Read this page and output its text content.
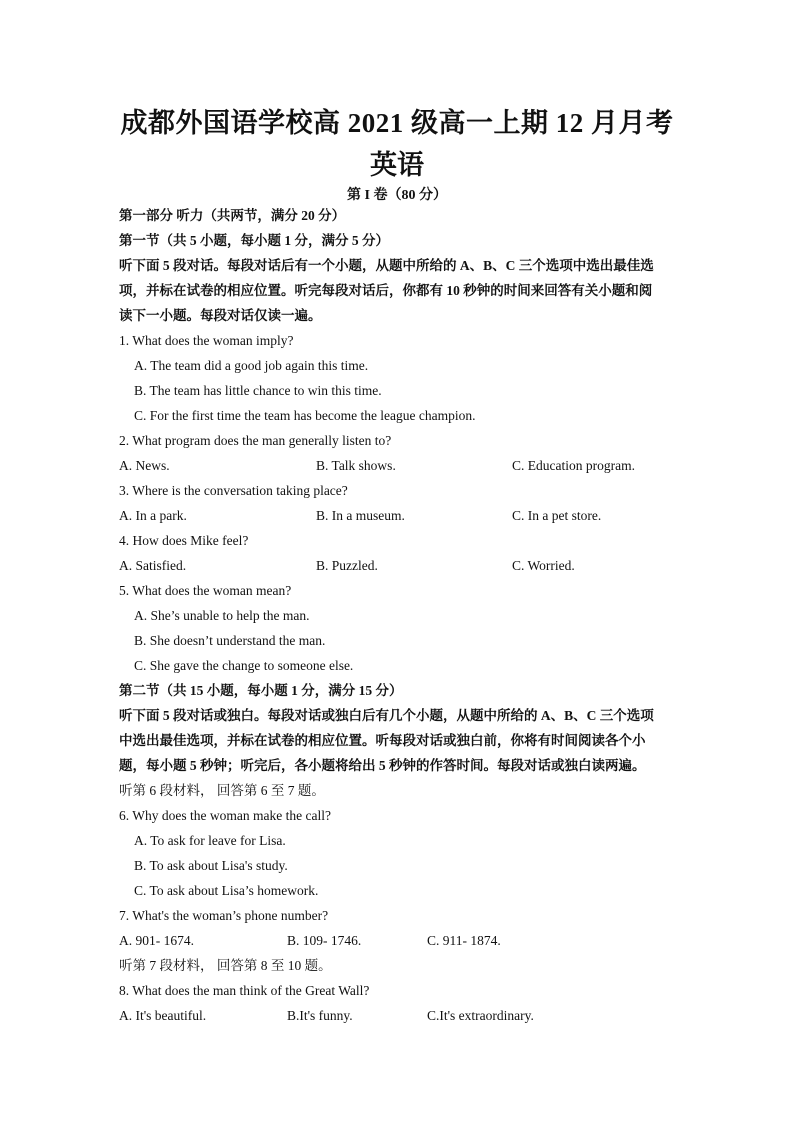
成都外国语学校高 2021 级高一上期 12 月月考
英语
第 I 卷（80 分）
第一部分 听力（共两节，满分 20 分）
第一节（共 5 小题，每小题 1 分，满分 5 分）
听下面 5 段对话。每段对话后有一个小题，从题中所给的 A、B、C 三个选项中选出最佳选
项，并标在试卷的相应位置。听完每段对话后，你都有 10 秒钟的时间来回答有关小题和阅
读下一小题。每段对话仅读一遍。
1. What does the woman imply?
A. The team did a good job again this time.
B. The team has little chance to win this time.
C. For the first time the team has become the league champion.
2. What program does the man generally listen to?
A. News.	B. Talk shows.	C. Education program.
3. Where is the conversation taking place?
A. In a park.	B. In a museum.	C. In a pet store.
4. How does Mike feel?
A. Satisfied.	B. Puzzled.	C. Worried.
5. What does the woman mean?
A. She’s unable to help the man.
B. She doesn’t understand the man.
C. She gave the change to someone else.
第二节（共 15 小题，每小题 1 分，满分 15 分）
听下面 5 段对话或独白。每段对话或独白后有几个小题，从题中所给的 A、B、C 三个选项
中选出最佳选项，并标在试卷的相应位置。听每段对话或独白前，你将有时间阅读各个小
题，每小题 5 秒钟；听完后，各小题将给出 5 秒钟的作答时间。每段对话或独白读两遍。
听第 6 段材料， 回答第 6 至 7 题。
6. Why does the woman make the call?
A. To ask for leave for Lisa.
B. To ask about Lisa's study.
C. To ask about Lisa’s homework.
7. What's the woman’s phone number?
A. 901- 1674.	B. 109- 1746.	C. 911- 1874.
听第 7 段材料， 回答第 8 至 10 题。
8. What does the man think of the Great Wall?
A. It's beautiful.	B.It's funny.	C.It's extraordinary.
